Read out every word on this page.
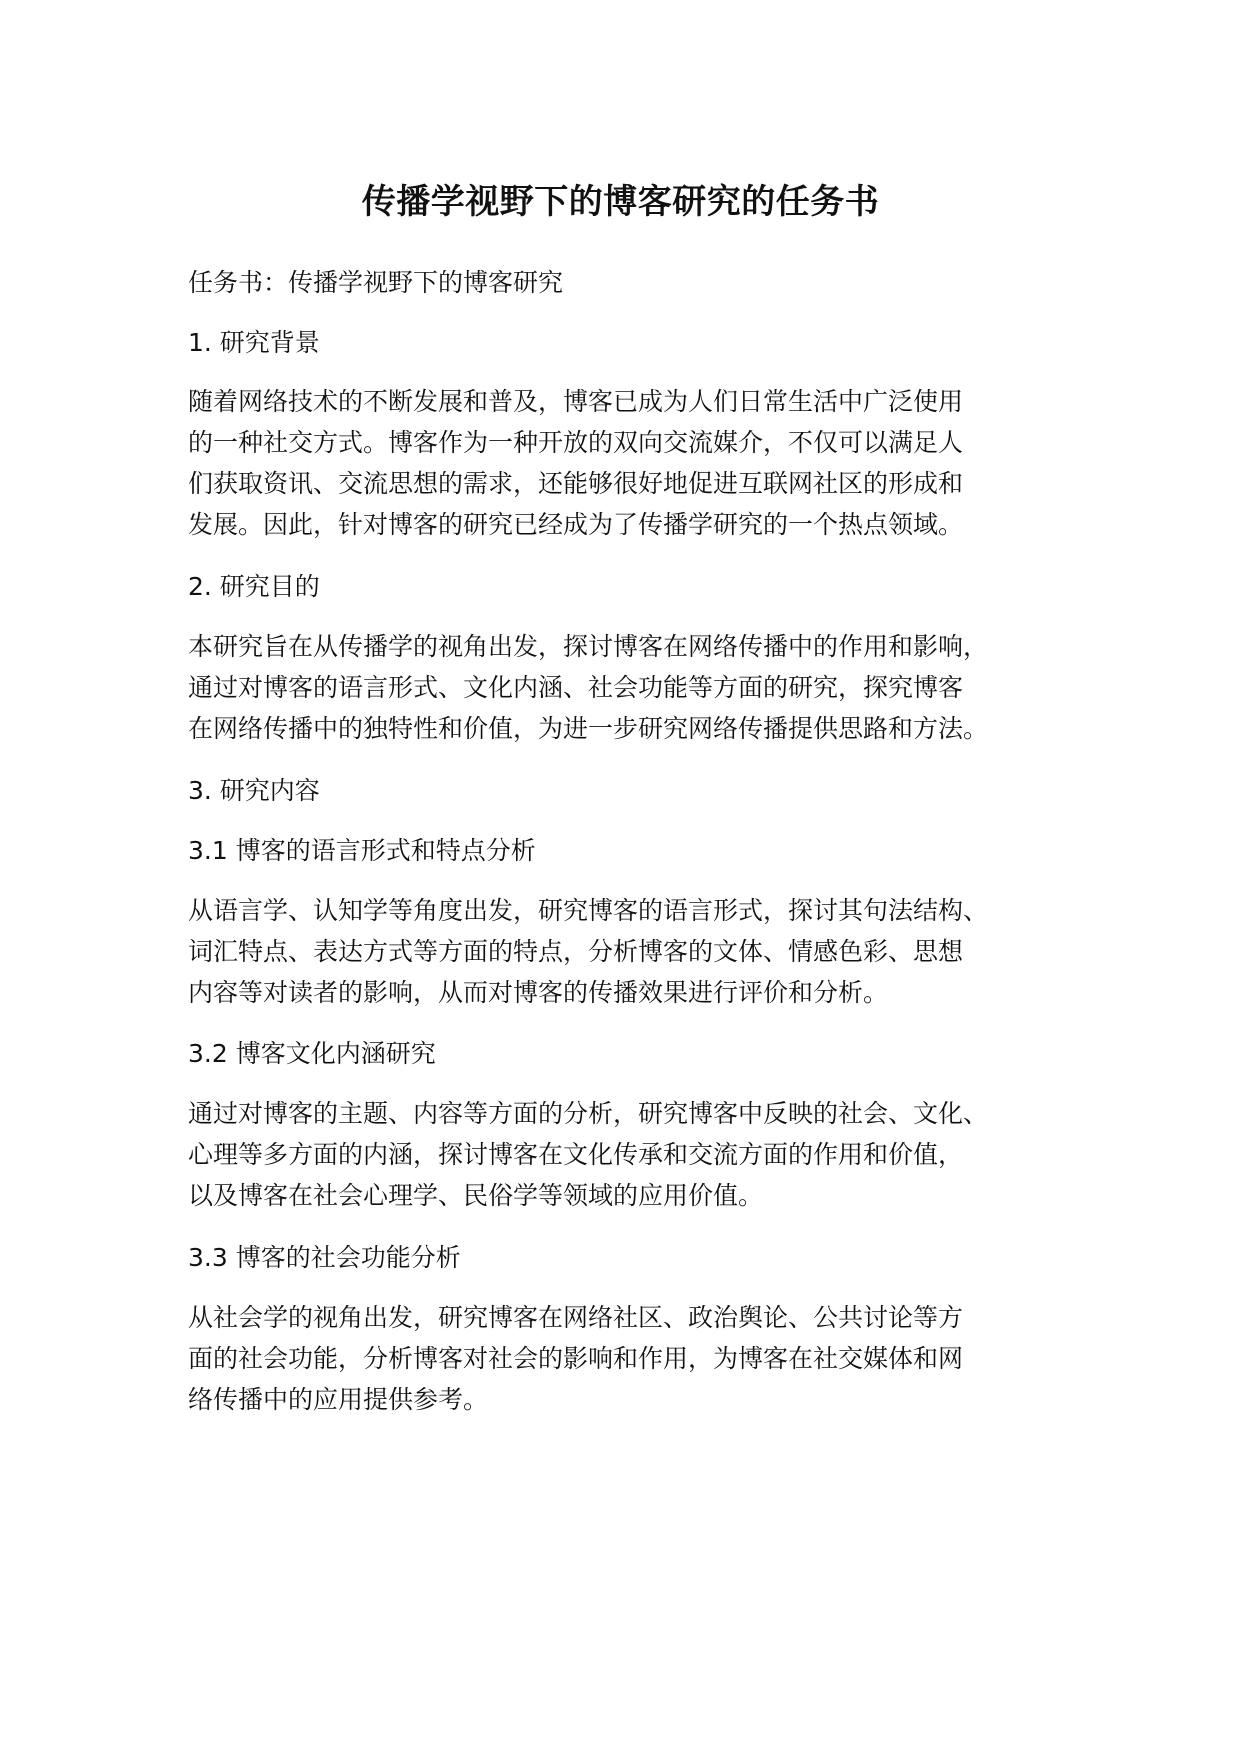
传播学视野下的博客研究的任务书
任务书：传播学视野下的博客研究
1. 研究背景
随着网络技术的不断发展和普及，博客已成为人们日常生活中广泛使用
的一种社交方式。博客作为一种开放的双向交流媒介，不仅可以满足人
们获取资讯、交流思想的需求，还能够很好地促进互联网社区的形成和
发展。因此，针对博客的研究已经成为了传播学研究的一个热点领域。
2. 研究目的
本研究旨在从传播学的视角出发，探讨博客在网络传播中的作用和影响，
通过对博客的语言形式、文化内涵、社会功能等方面的研究，探究博客
在网络传播中的独特性和价值，为进一步研究网络传播提供思路和方法。
3. 研究内容
3.1 博客的语言形式和特点分析
从语言学、认知学等角度出发，研究博客的语言形式，探讨其句法结构、
词汇特点、表达方式等方面的特点，分析博客的文体、情感色彩、思想
内容等对读者的影响，从而对博客的传播效果进行评价和分析。
3.2 博客文化内涵研究
通过对博客的主题、内容等方面的分析，研究博客中反映的社会、文化、
心理等多方面的内涵，探讨博客在文化传承和交流方面的作用和价值，
以及博客在社会心理学、民俗学等领域的应用价值。
3.3 博客的社会功能分析
从社会学的视角出发，研究博客在网络社区、政治舆论、公共讨论等方
面的社会功能，分析博客对社会的影响和作用，为博客在社交媒体和网
络传播中的应用提供参考。
